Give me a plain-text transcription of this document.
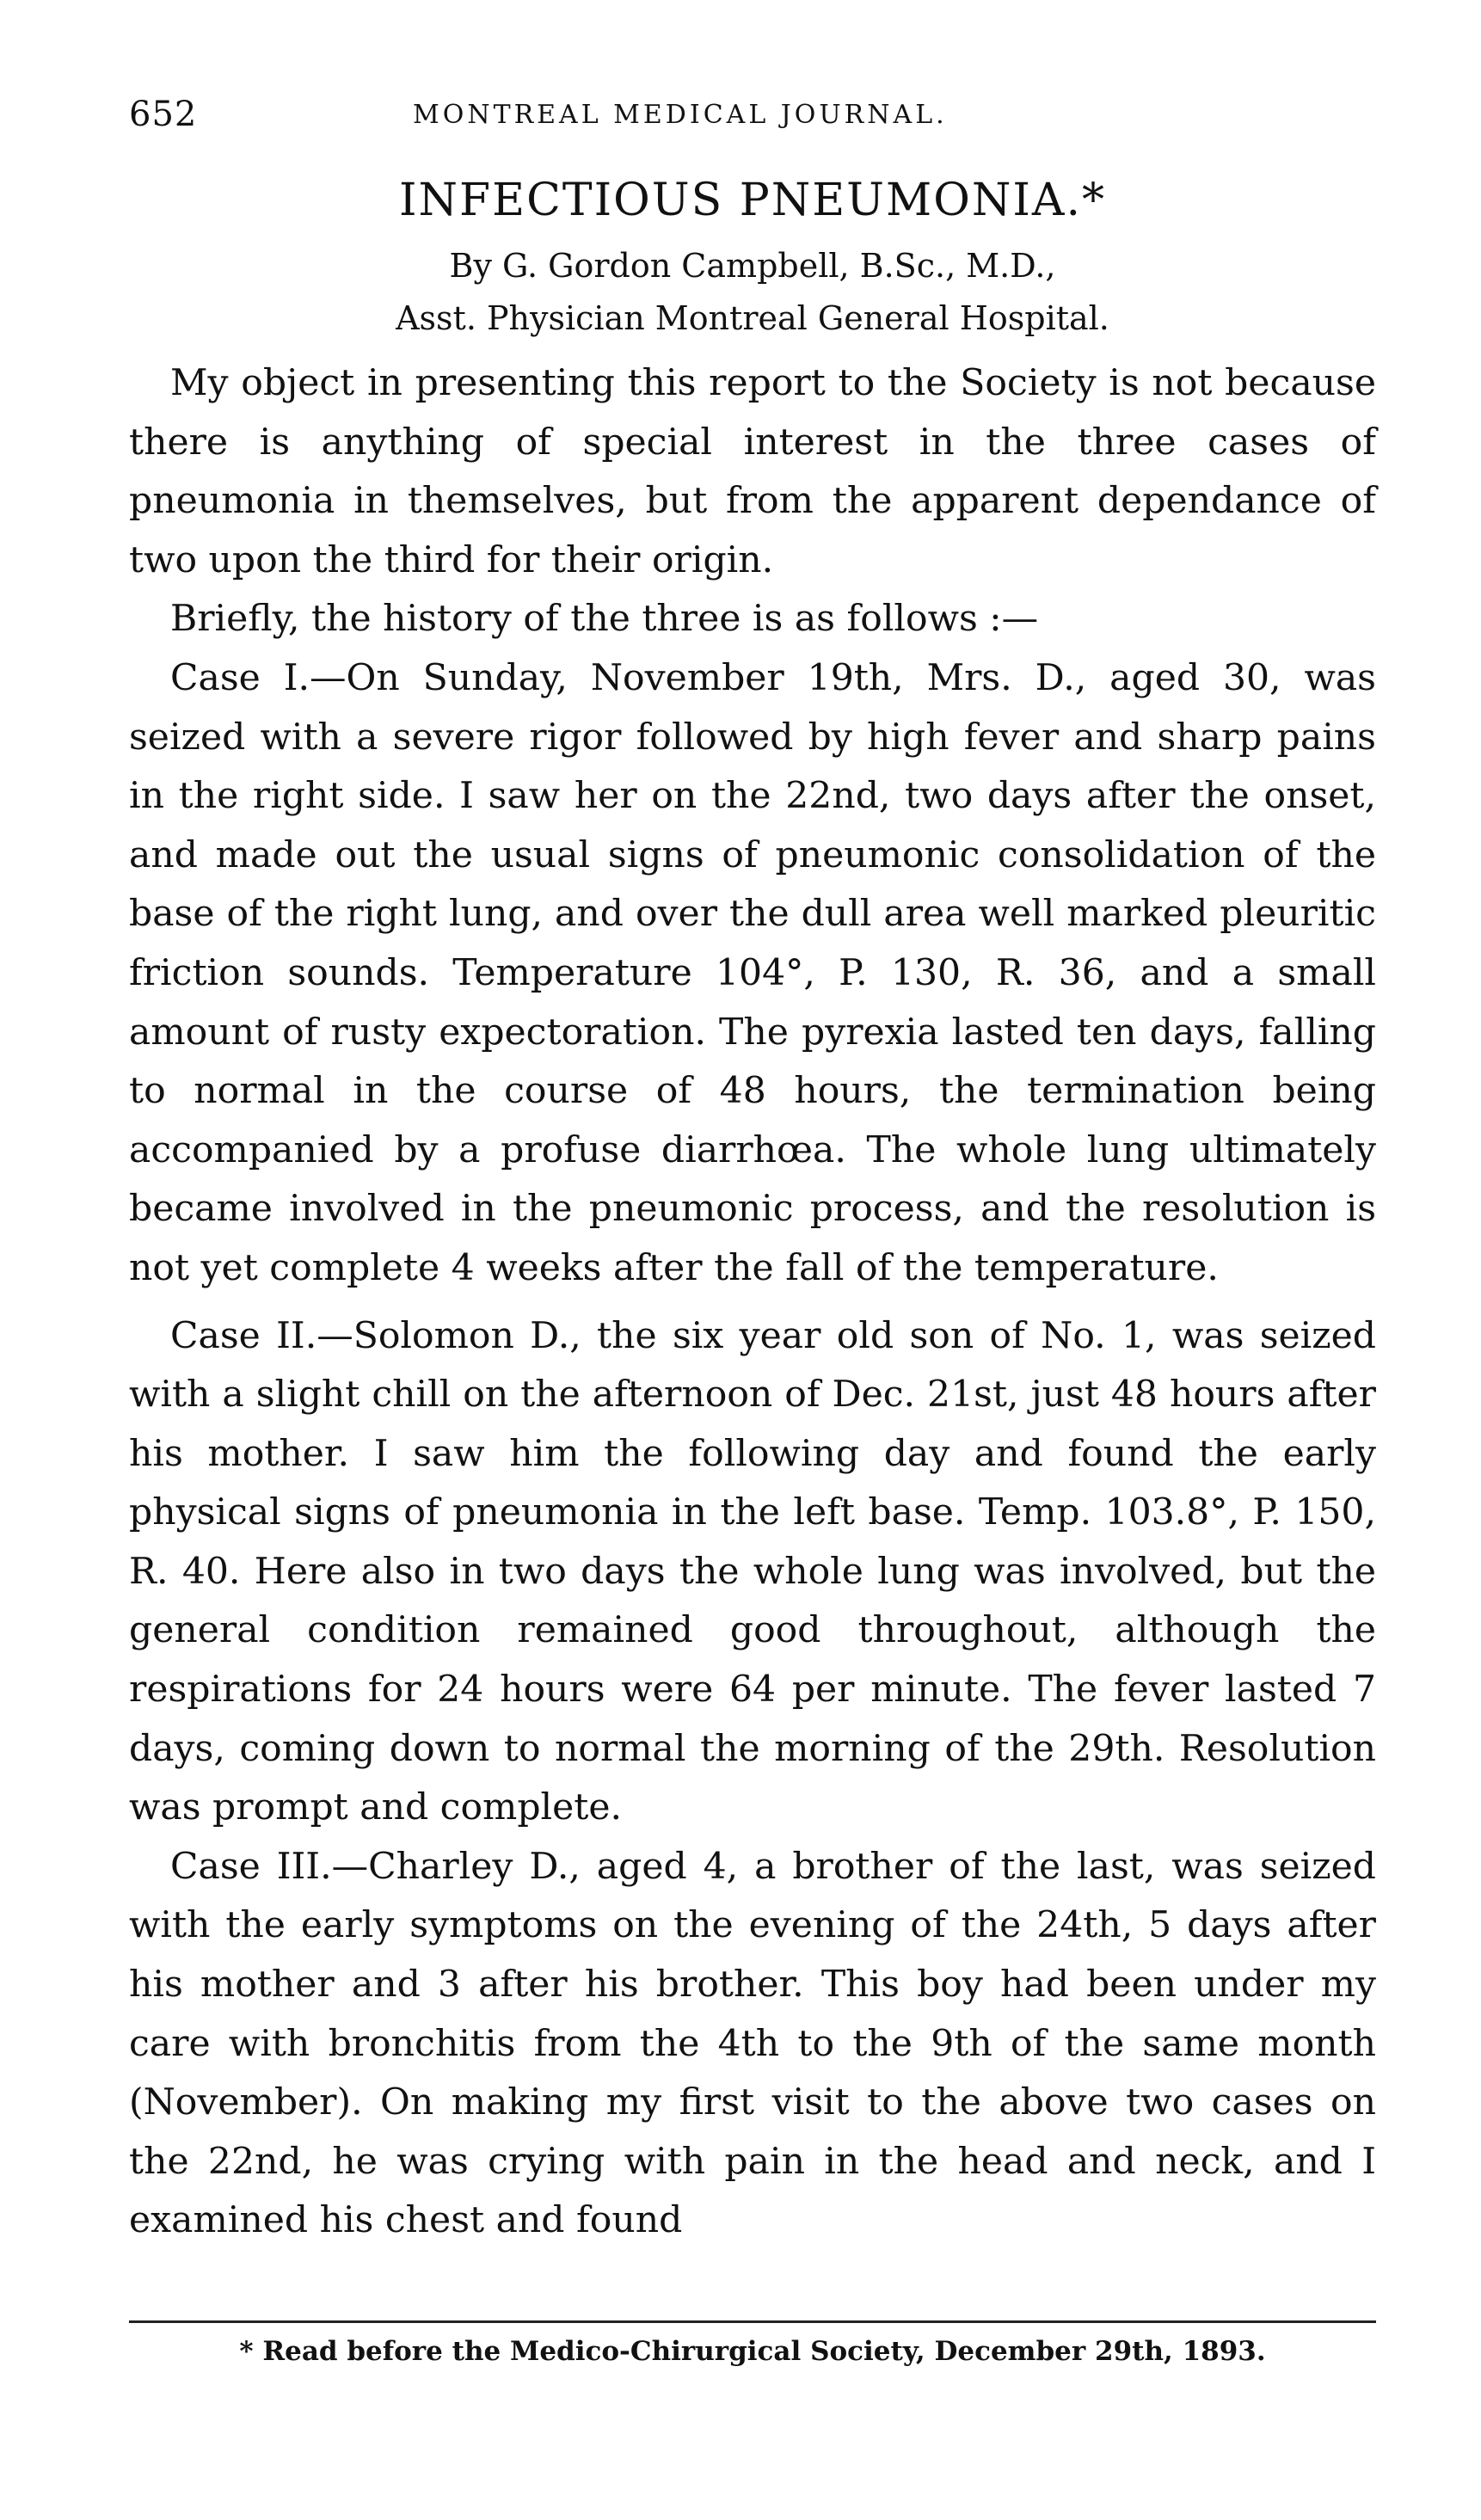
652	MONTREAL MEDICAL JOURNAL.
INFECTIOUS PNEUMONIA.*
By G. Gordon Campbell, B.Sc., M.D.,
Asst. Physician Montreal General Hospital.

My object in presenting this report to the Society is not because there is anything of special interest in the three cases of pneumonia in themselves, but from the apparent dependance of two upon the third for their origin.

Briefly, the history of the three is as follows :—

Case I.—On Sunday, November 19th, Mrs. D., aged 30, was seized with a severe rigor followed by high fever and sharp pains in the right side. I saw her on the 22nd, two days after the onset, and made out the usual signs of pneumonic consolidation of the base of the right lung, and over the dull area well marked pleuritic friction sounds. Temperature 104°, P. 130, R. 36, and a small amount of rusty expectoration. The pyrexia lasted ten days, falling to normal in the course of 48 hours, the termination being accompanied by a profuse diarrhœa. The whole lung ultimately became involved in the pneumonic process, and the resolution is not yet complete 4 weeks after the fall of the temperature.

Case II.—Solomon D., the six year old son of No. 1, was seized with a slight chill on the afternoon of Dec. 21st, just 48 hours after his mother. I saw him the following day and found the early physical signs of pneumonia in the left base. Temp. 103.8°, P. 150, R. 40. Here also in two days the whole lung was involved, but the general condition remained good throughout, although the respirations for 24 hours were 64 per minute. The fever lasted 7 days, coming down to normal the morning of the 29th. Resolution was prompt and complete.

Case III.—Charley D., aged 4, a brother of the last, was seized with the early symptoms on the evening of the 24th, 5 days after his mother and 3 after his brother. This boy had been under my care with bronchitis from the 4th to the 9th of the same month (November). On making my first visit to the above two cases on the 22nd, he was crying with pain in the head and neck, and I examined his chest and found

* Read before the Medico-Chirurgical Society, December 29th, 1893.
